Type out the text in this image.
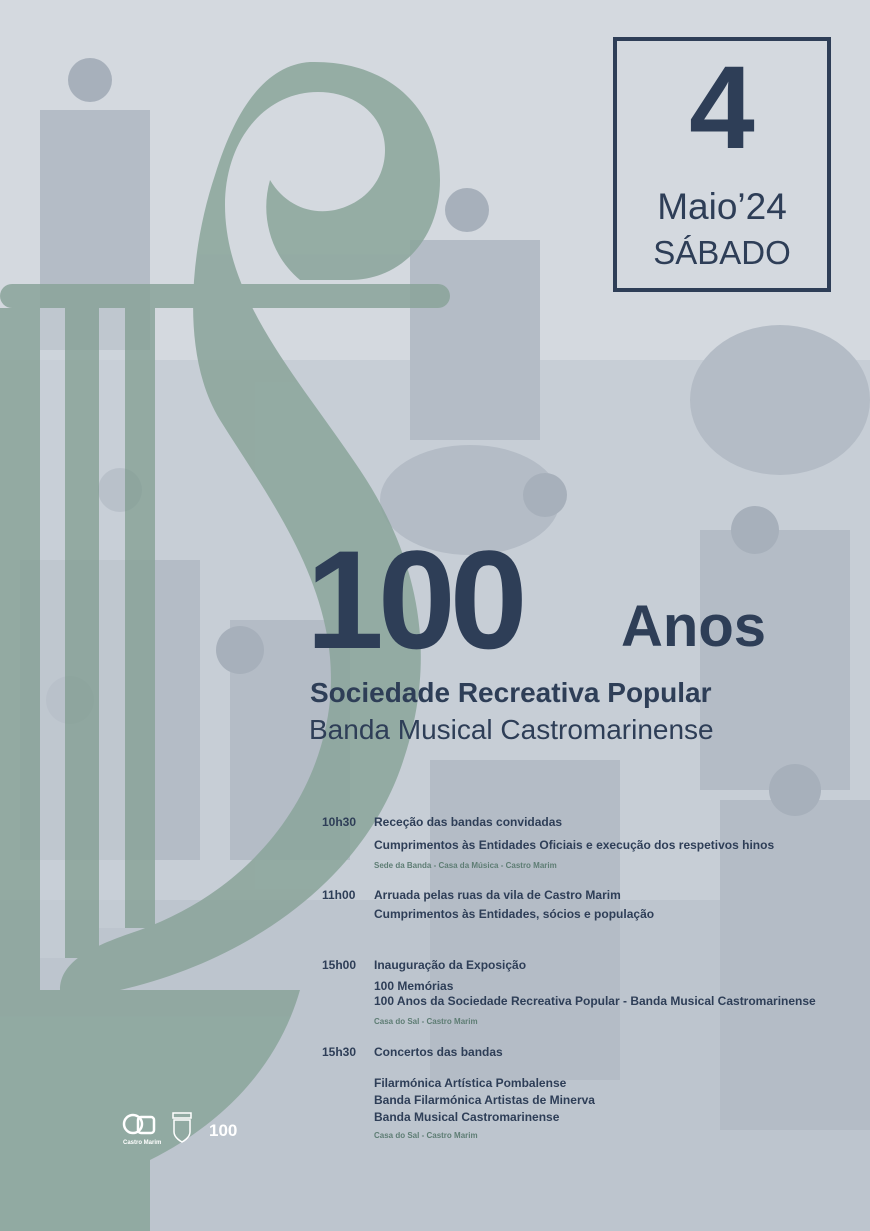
4
Maio’24
SÁBADO
100 Anos
Sociedade Recreativa Popular
Banda Musical Castromarinense
10h30 Receção das bandas convidadas
Cumprimentos às Entidades Oficiais e execução dos respetivos hinos
Sede da Banda - Casa da Música - Castro Marim
11h00 Arruada pelas ruas da vila de Castro Marim
Cumprimentos às Entidades, sócios e população
15h00 Inauguração da Exposição
100 Memórias
100 Anos da Sociedade Recreativa Popular - Banda Musical Castromarinense
Casa do Sal - Castro Marim
15h30 Concertos das bandas
Filarmónica Artística Pombalense
Banda Filarmónica Artistas de Minerva
Banda Musical Castromarinense
Casa do Sal - Castro Marim
Castro Marim
100
